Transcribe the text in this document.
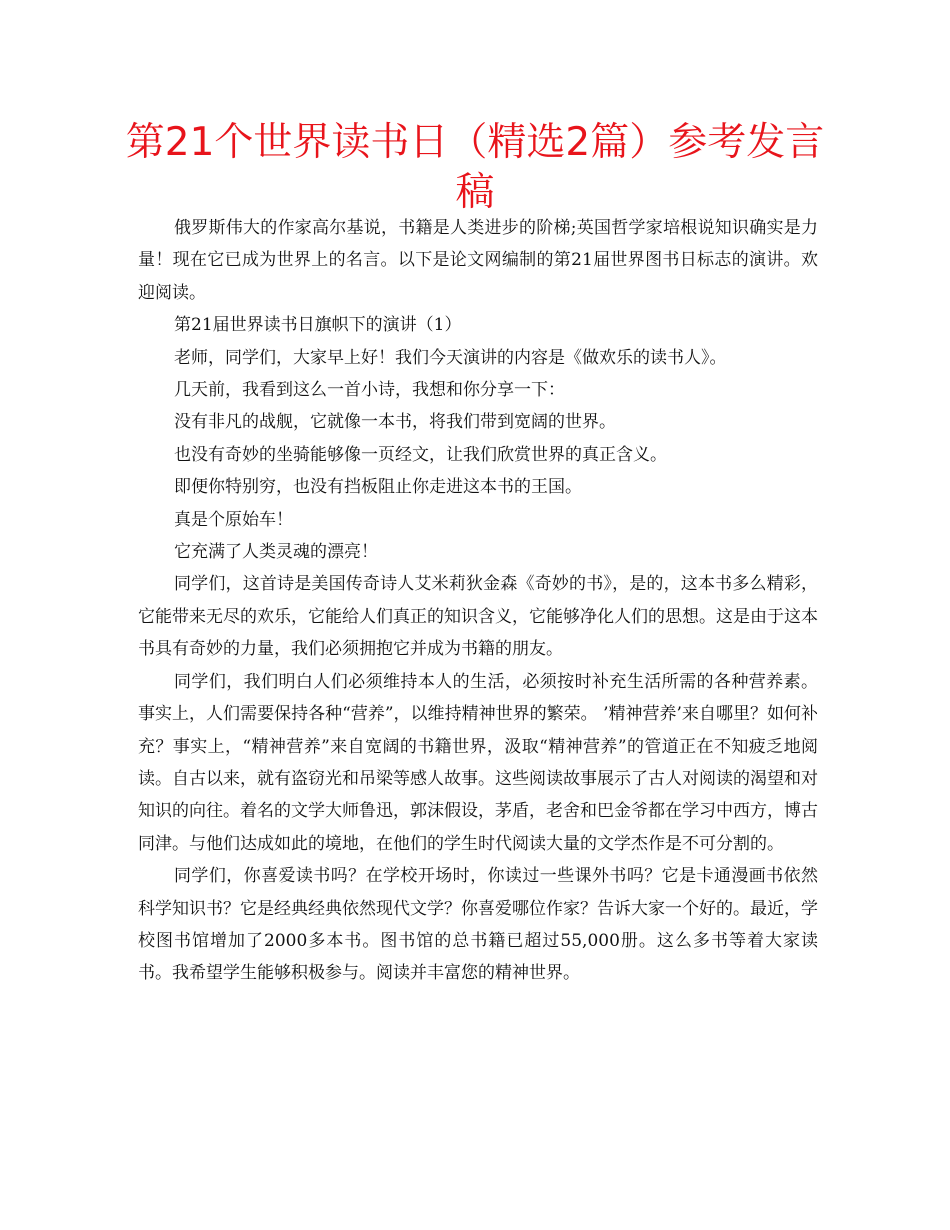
第21个世界读书日（精选2篇）参考发言稿

俄罗斯伟大的作家高尔基说，书籍是人类进步的阶梯;英国哲学家培根说知识确实是力量！现在它已成为世界上的名言。以下是论文网编制的第21届世界图书日标志的演讲。欢迎阅读。

第21届世界读书日旗帜下的演讲（1）

老师，同学们，大家早上好！我们今天演讲的内容是《做欢乐的读书人》。

几天前，我看到这么一首小诗，我想和你分享一下：

没有非凡的战舰，它就像一本书，将我们带到宽阔的世界。

也没有奇妙的坐骑能够像一页经文，让我们欣赏世界的真正含义。

即便你特别穷，也没有挡板阻止你走进这本书的王国。

真是个原始车！

它充满了人类灵魂的漂亮！

同学们，这首诗是美国传奇诗人艾米莉狄金森《奇妙的书》，是的，这本书多么精彩，它能带来无尽的欢乐，它能给人们真正的知识含义，它能够净化人们的思想。这是由于这本书具有奇妙的力量，我们必须拥抱它并成为书籍的朋友。

同学们，我们明白人们必须维持本人的生活，必须按时补充生活所需的各种营养素。事实上，人们需要保持各种“营养”，以维持精神世界的繁荣。 ’精神营养’来自哪里？如何补充？事实上，“精神营养”来自宽阔的书籍世界，汲取“精神营养”的管道正在不知疲乏地阅读。自古以来，就有盗窃光和吊梁等感人故事。这些阅读故事展示了古人对阅读的渴望和对知识的向往。着名的文学大师鲁迅，郭沫假设，茅盾，老舍和巴金爷都在学习中西方，博古同津。与他们达成如此的境地，在他们的学生时代阅读大量的文学杰作是不可分割的。

同学们，你喜爱读书吗？在学校开场时，你读过一些课外书吗？它是卡通漫画书依然科学知识书？它是经典经典依然现代文学？你喜爱哪位作家？告诉大家一个好的。最近，学校图书馆增加了2000多本书。图书馆的总书籍已超过55,000册。这么多书等着大家读书。我希望学生能够积极参与。阅读并丰富您的精神世界。
